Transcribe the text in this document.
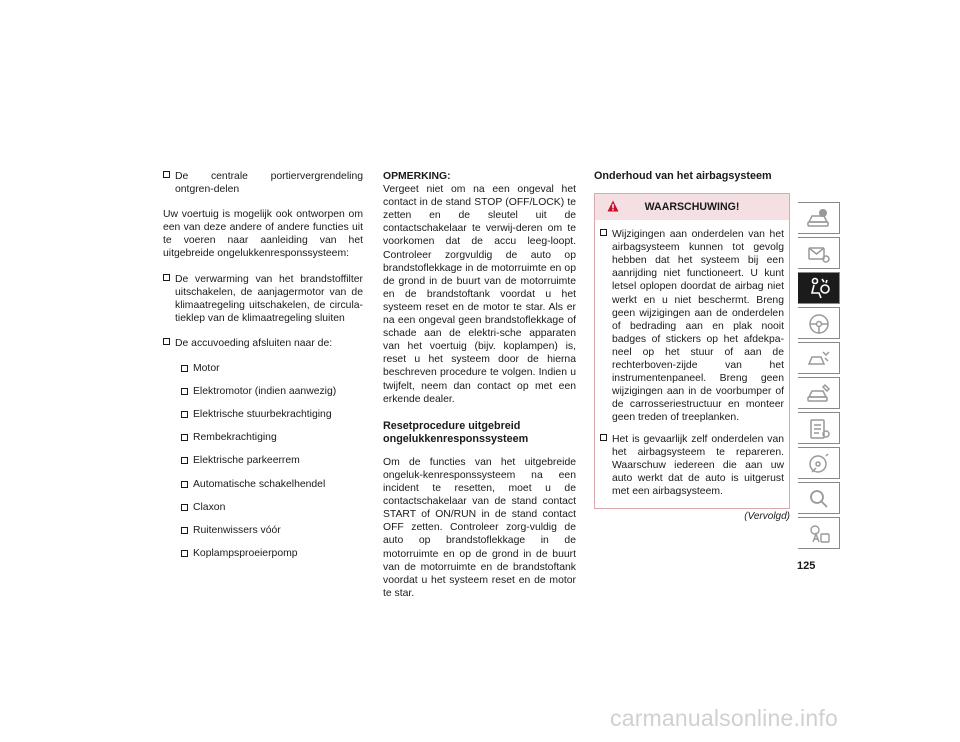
De centrale portiervergrendeling ontgren-delen

Uw voertuig is mogelijk ook ontworpen om een van deze andere of andere functies uit te voeren naar aanleiding van het uitgebreide ongelukkenresponssysteem:

De verwarming van het brandstoffilter uitschakelen, de aanjagermotor van de klimaatregeling uitschakelen, de circula-tieklep van de klimaatregeling sluiten
De accuvoeding afsluiten naar de:
Motor
Elektromotor (indien aanwezig)
Elektrische stuurbekrachtiging
Rembekrachtiging
Elektrische parkeerrem
Automatische schakelhendel
Claxon
Ruitenwissers vóór
Koplampsproeierpomp

OPMERKING:

Vergeet niet om na een ongeval het contact in de stand STOP (OFF/LOCK) te zetten en de sleutel uit de contactschakelaar te verwij-deren om te voorkomen dat de accu leeg-loopt. Controleer zorgvuldig de auto op brandstoflekkage in de motorruimte en op de grond in de buurt van de motorruimte en de brandstoftank voordat u het systeem reset en de motor te star. Als er na een ongeval geen brandstoflekkage of schade aan de elektri-sche apparaten van het voertuig (bijv. koplampen) is, reset u het systeem door de hierna beschreven procedure te volgen. Indien u twijfelt, neem dan contact op met een erkende dealer.

Resetprocedure uitgebreid ongelukkenresponssysteem

Om de functies van het uitgebreide ongeluk-kenresponssysteem na een incident te resetten, moet u de contactschakelaar van de stand contact START of ON/RUN in de stand contact OFF zetten. Controleer zorg-vuldig de auto op brandstoflekkage in de motorruimte en op de grond in de buurt van de motorruimte en de brandstoftank voordat u het systeem reset en de motor te star.

Onderhoud van het airbagsysteem

WAARSCHUWING!
Wijzigingen aan onderdelen van het airbagsysteem kunnen tot gevolg hebben dat het systeem bij een aanrijding niet functioneert. U kunt letsel oplopen doordat de airbag niet werkt en u niet beschermt. Breng geen wijzigingen aan de onderdelen of bedrading aan en plak nooit badges of stickers op het afdekpa-neel op het stuur of aan de rechterboven-zijde van het instrumentenpaneel. Breng geen wijzigingen aan in de voorbumper of de carrosseriestructuur en monteer geen treden of treeplanken.
Het is gevaarlijk zelf onderdelen van het airbagsysteem te repareren. Waarschuw iedereen die aan uw auto werkt dat de auto is uitgerust met een airbagsysteem.
(Vervolgd)
125
carmanualsonline.info
